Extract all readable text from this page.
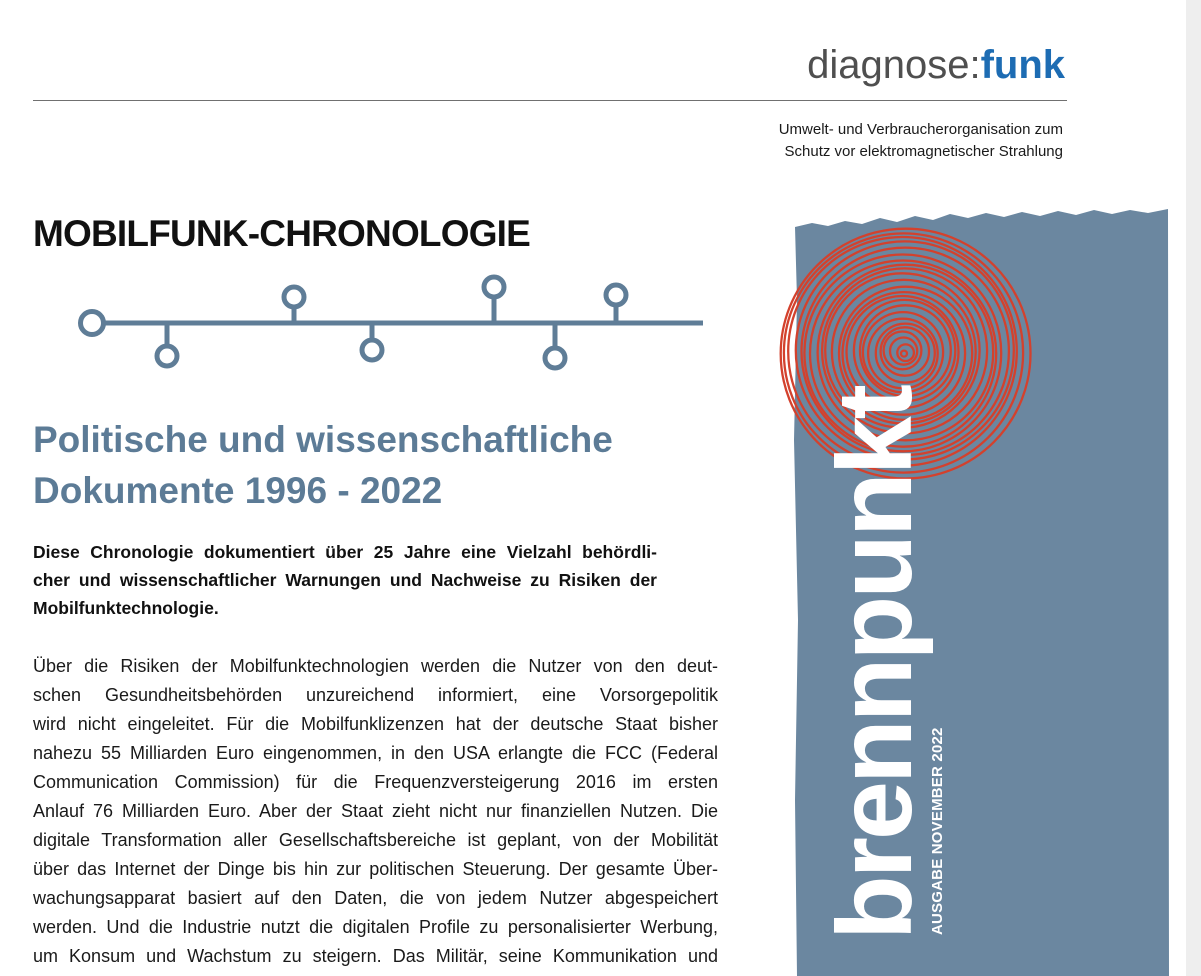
diagnose:funk
Umwelt- und Verbraucherorganisation zum
Schutz vor elektromagnetischer Strahlung
MOBILFUNK-CHRONOLOGIE
Politische und wissenschaftliche
Dokumente 1996 - 2022
Diese Chronologie dokumentiert über 25 Jahre eine Vielzahl behördli-
cher und wissenschaftlicher Warnungen und Nachweise zu Risiken der
Mobilfunktechnologie.
Über die Risiken der Mobilfunktechnologien werden die Nutzer von den deut-
schen Gesundheitsbehörden unzureichend informiert, eine Vorsorgepolitik
wird nicht eingeleitet. Für die Mobilfunklizenzen hat der deutsche Staat bisher
nahezu 55 Milliarden Euro eingenommen, in den USA erlangte die FCC (Federal
Communication Commission) für die Frequenzversteigerung 2016 im ersten
Anlauf 76 Milliarden Euro. Aber der Staat zieht nicht nur finanziellen Nutzen. Die
digitale Transformation aller Gesellschaftsbereiche ist geplant, von der Mobilität
über das Internet der Dinge bis hin zur politischen Steuerung. Der gesamte Über-
wachungsapparat basiert auf den Daten, die von jedem Nutzer abgespeichert
werden. Und die Industrie nutzt die digitalen Profile zu personalisierter Werbung,
um Konsum und Wachstum zu steigern. Das Militär, seine Kommunikation und
brennpunkt
AUSGABE NOVEMBER 2022
